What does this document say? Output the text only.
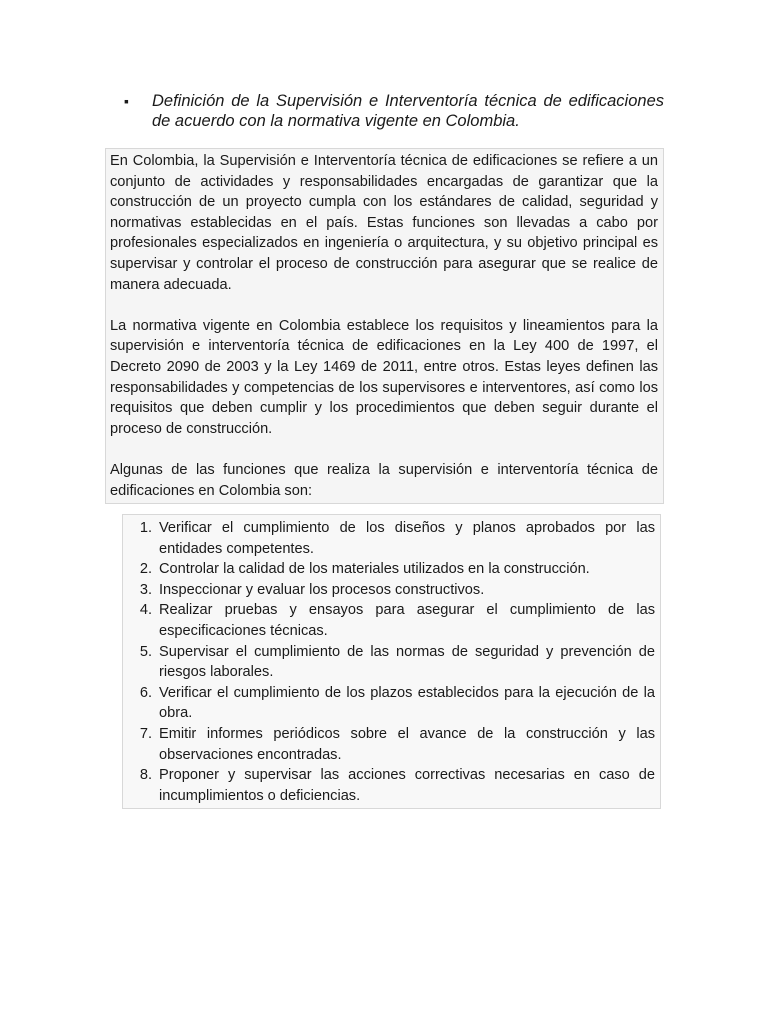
▪	Definición de la Supervisión e Interventoría técnica de edificaciones de acuerdo con la normativa vigente en Colombia.

En Colombia, la Supervisión e Interventoría técnica de edificaciones se refiere a un conjunto de actividades y responsabilidades encargadas de garantizar que la construcción de un proyecto cumpla con los estándares de calidad, seguridad y normativas establecidas en el país. Estas funciones son llevadas a cabo por profesionales especializados en ingeniería o arquitectura, y su objetivo principal es supervisar y controlar el proceso de construcción para asegurar que se realice de manera adecuada.

La normativa vigente en Colombia establece los requisitos y lineamientos para la supervisión e interventoría técnica de edificaciones en la Ley 400 de 1997, el Decreto 2090 de 2003 y la Ley 1469 de 2011, entre otros. Estas leyes definen las responsabilidades y competencias de los supervisores e interventores, así como los requisitos que deben cumplir y los procedimientos que deben seguir durante el proceso de construcción.

Algunas de las funciones que realiza la supervisión e interventoría técnica de edificaciones en Colombia son:

1. Verificar el cumplimiento de los diseños y planos aprobados por las entidades competentes.
2. Controlar la calidad de los materiales utilizados en la construcción.
3. Inspeccionar y evaluar los procesos constructivos.
4. Realizar pruebas y ensayos para asegurar el cumplimiento de las especificaciones técnicas.
5. Supervisar el cumplimiento de las normas de seguridad y prevención de riesgos laborales.
6. Verificar el cumplimiento de los plazos establecidos para la ejecución de la obra.
7. Emitir informes periódicos sobre el avance de la construcción y las observaciones encontradas.
8. Proponer y supervisar las acciones correctivas necesarias en caso de incumplimientos o deficiencias.
